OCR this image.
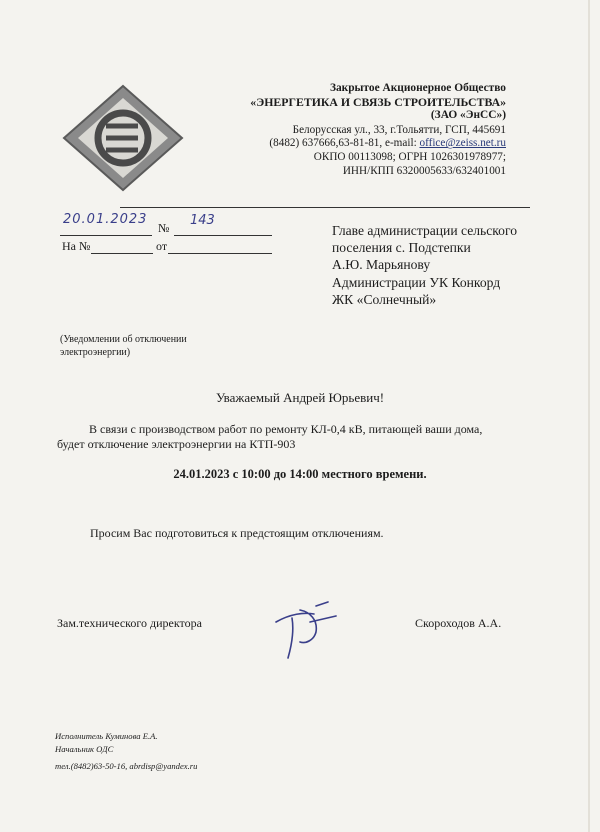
Закрытое Акционерное Общество
«ЭНЕРГЕТИКА И СВЯЗЬ СТРОИТЕЛЬСТВА»
(ЗАО «ЭнСС»)
Белорусская ул., 33, г.Тольятти, ГСП, 445691
(8482) 637666,63-81-81, e-mail: office@zeiss.net.ru
ОКПО 00113098; ОГРН 1026301978977;
ИНН/КПП 6320005633/632401001
20.01.2023
№ 143
На №	от
Главе администрации сельского
поселения с. Подстепки
А.Ю. Марьянову
Администрации УК Конкорд
ЖК «Солнечный»
(Уведомлении об отключении
электроэнергии)
Уважаемый Андрей Юрьевич!
В связи с производством работ по ремонту КЛ-0,4 кВ, питающей ваши дома,
будет отключение электроэнергии на КТП-903
24.01.2023 с 10:00 до 14:00 местного времени.
Просим Вас подготовиться к предстоящим отключениям.
Зам.технического директора	Скороходов А.А.
Исполнитель Куминова Е.А.
Начальник ОДС
тел.(8482)63-50-16, abrdisp@yandex.ru
